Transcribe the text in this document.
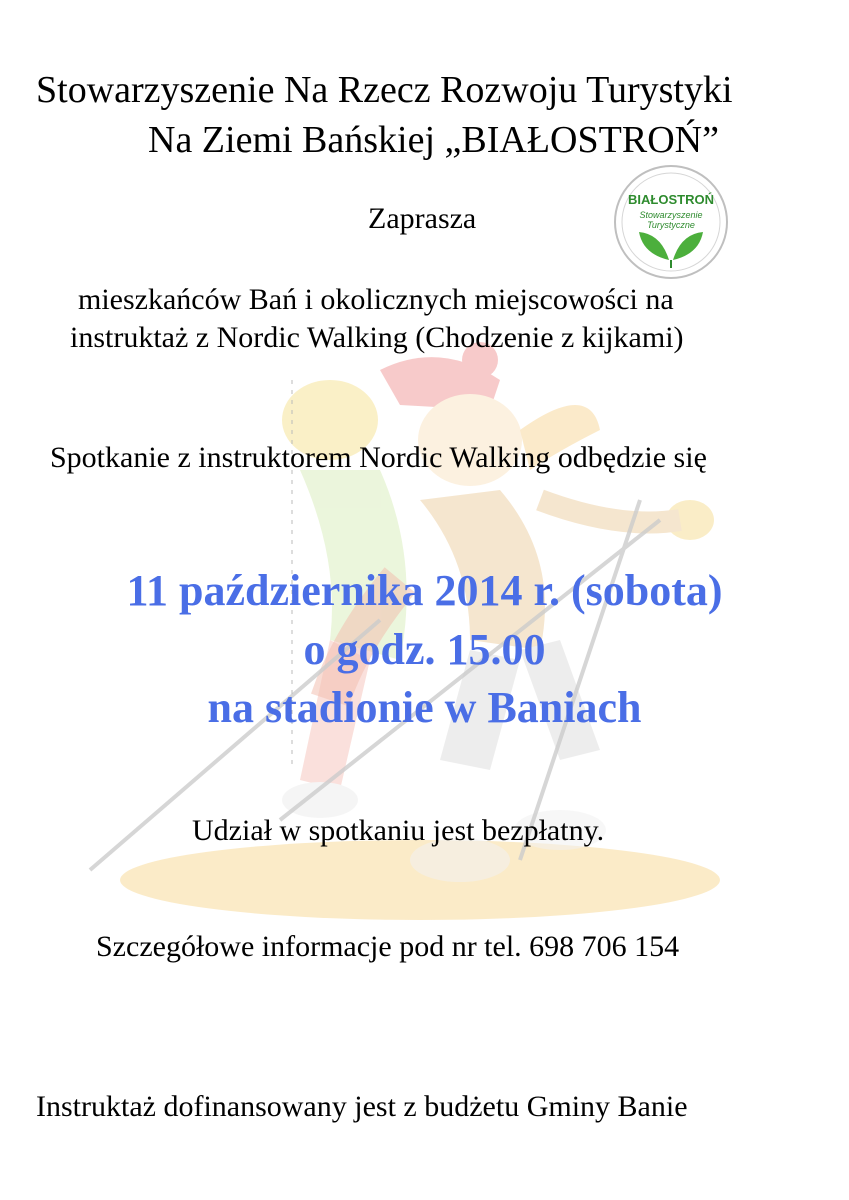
Stowarzyszenie Na Rzecz Rozwoju Turystyki

Na Ziemi Bańskiej „BIAŁOSTROŃ”

BIAŁOSTROŃ
Stowarzyszenie
Turystyczne

Zaprasza

mieszkańców Bań i okolicznych miejscowości na

instruktaż z Nordic Walking (Chodzenie z kijkami)

Spotkanie z instruktorem Nordic Walking odbędzie się

11 października 2014 r. (sobota)

o godz. 15.00

na stadionie w Baniach

Udział w spotkaniu jest bezpłatny.

Szczegółowe informacje pod nr tel. 698 706 154

Instruktaż dofinansowany jest z budżetu Gminy Banie
